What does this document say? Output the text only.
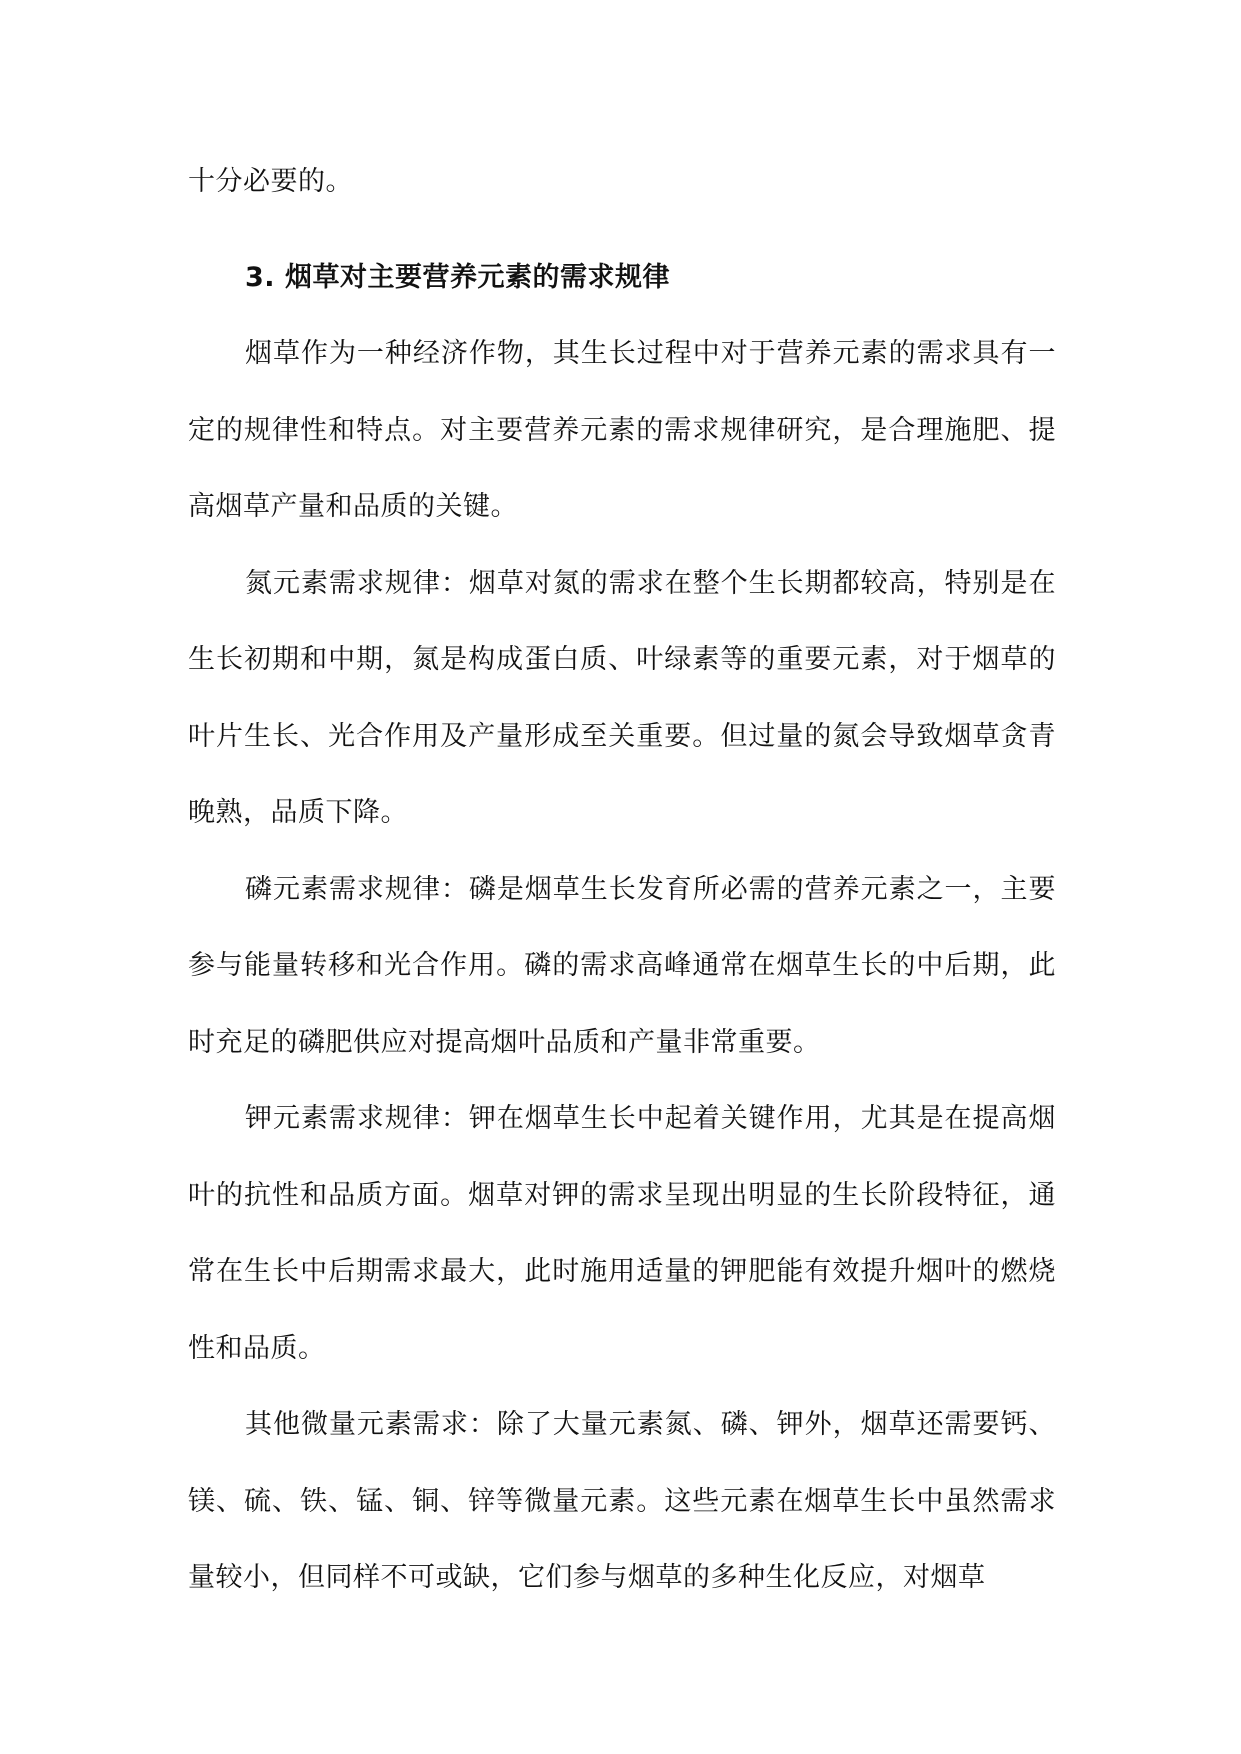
十分必要的。

3. 烟草对主要营养元素的需求规律

烟草作为一种经济作物，其生长过程中对于营养元素的需求具有一定的规律性和特点。对主要营养元素的需求规律研究，是合理施肥、提高烟草产量和品质的关键。

氮元素需求规律：烟草对氮的需求在整个生长期都较高，特别是在生长初期和中期，氮是构成蛋白质、叶绿素等的重要元素，对于烟草的叶片生长、光合作用及产量形成至关重要。但过量的氮会导致烟草贪青晚熟，品质下降。

磷元素需求规律：磷是烟草生长发育所必需的营养元素之一，主要参与能量转移和光合作用。磷的需求高峰通常在烟草生长的中后期，此时充足的磷肥供应对提高烟叶品质和产量非常重要。

钾元素需求规律：钾在烟草生长中起着关键作用，尤其是在提高烟叶的抗性和品质方面。烟草对钾的需求呈现出明显的生长阶段特征，通常在生长中后期需求最大，此时施用适量的钾肥能有效提升烟叶的燃烧性和品质。

其他微量元素需求：除了大量元素氮、磷、钾外，烟草还需要钙、镁、硫、铁、锰、铜、锌等微量元素。这些元素在烟草生长中虽然需求量较小，但同样不可或缺，它们参与烟草的多种生化反应，对烟草
